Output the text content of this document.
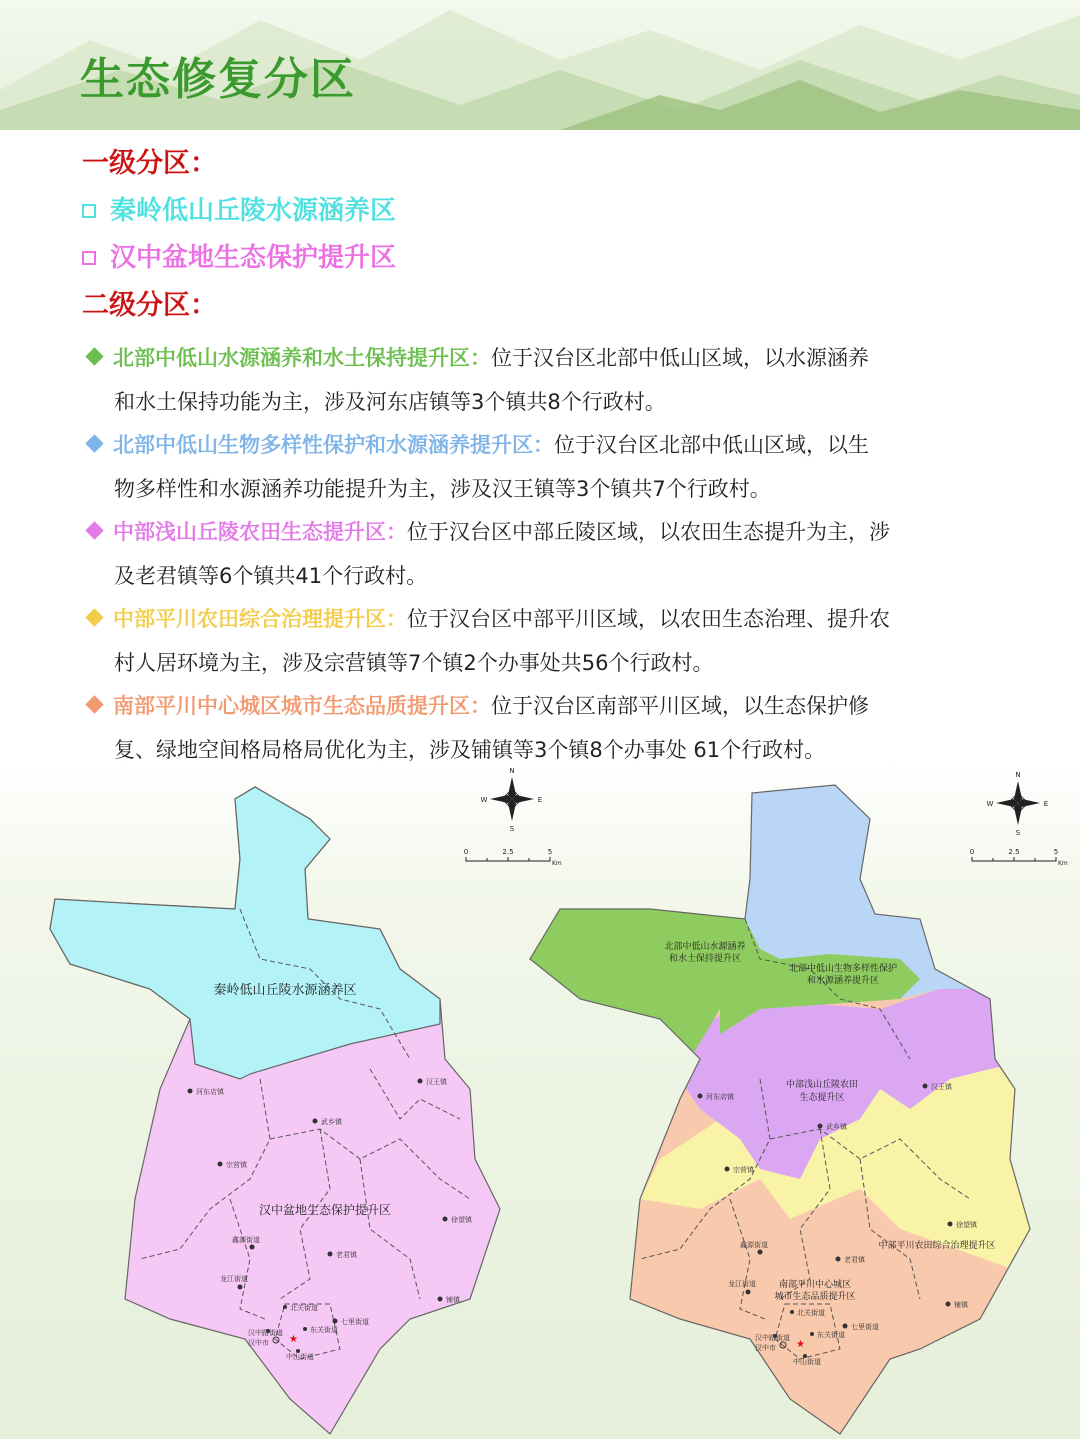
生态修复分区
一级分区：

秦岭低山丘陵水源涵养区

汉中盆地生态保护提升区

二级分区：
北部中低山水源涵养和水土保持提升区：位于汉台区北部中低山区域，以水源涵养
和水土保持功能为主，涉及河东店镇等3个镇共8个行政村。
北部中低山生物多样性保护和水源涵养提升区：位于汉台区北部中低山区域，以生
物多样性和水源涵养功能提升为主，涉及汉王镇等3个镇共7个行政村。
中部浅山丘陵农田生态提升区：位于汉台区中部丘陵区域，以农田生态提升为主，涉
及老君镇等6个镇共41个行政村。
中部平川农田综合治理提升区：位于汉台区中部平川区域，以农田生态治理、提升农
村人居环境为主，涉及宗营镇等7个镇2个办事处共56个行政村。
南部平川中心城区城市生态品质提升区：位于汉台区南部平川区域，以生态保护修
复、绿地空间格局格局优化为主，涉及铺镇等3个镇8个办事处 61个行政村。
秦岭低山丘陵水源涵养区
汉中盆地生态保护提升区
河东店镇
汉王镇
武乡镇
宗营镇
徐望镇
老君镇
鑫源街道
龙江街道
铺镇
七里街道
东关街道
北关街道
中山街道
汉中路街道
汉中市 ★
N
S
E
W
0	2.5	5
Km
北部中低山水源涵养
和水土保持提升区
北部中低山生物多样性保护
和水源涵养提升区
中部浅山丘陵农田
生态提升区
中部平川农田综合治理提升区
南部平川中心城区
城市生态品质提升区
河东店镇
汉王镇
武乡镇
宗营镇
徐望镇
老君镇
鑫源街道
龙江街道
铺镇
七里街道
东关街道
北关街道
中山街道
汉中路街道
汉中市 ★
N
S
E
W
0	2.5	5
Km
